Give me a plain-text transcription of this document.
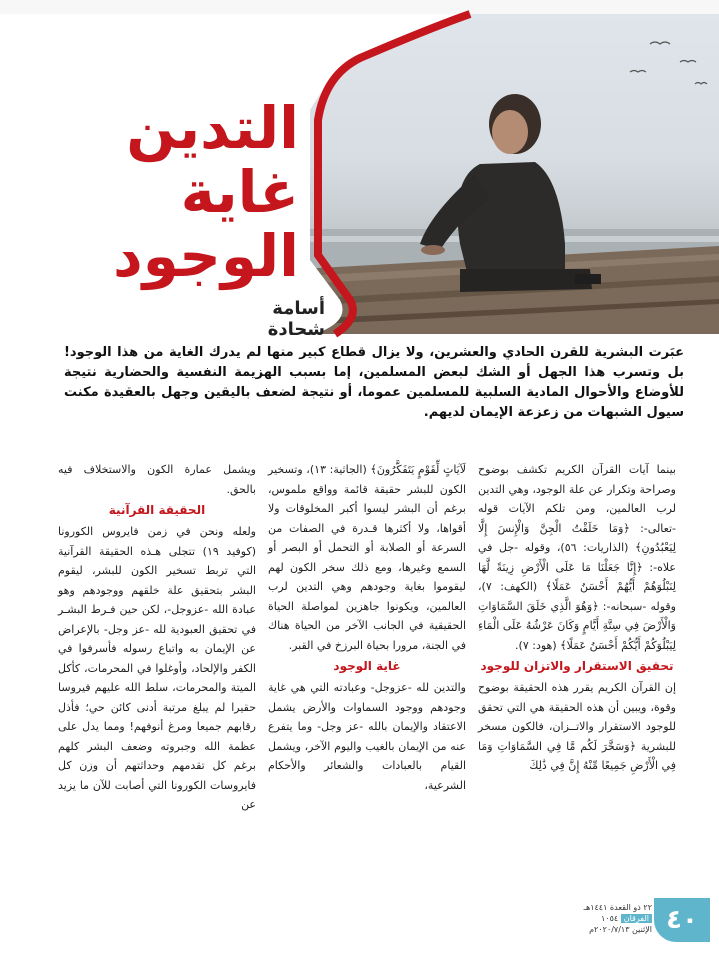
التدين
غاية
الوجود
أسامة شحادة

عبَرت البشرية للقرن الحادي والعشرين، ولا يزال قطاع كبير منها لم يدرك الغاية من هذا الوجود! بل وتسرب هذا الجهل أو الشك لبعض المسلمين، إما بسبب الهزيمة النفسية والحضارية نتيجة للأوضاع والأحوال المادية السلبية للمسلمين عموما، أو نتيجة لضعف باليقين وجهل بالعقيدة مكنت سيول الشبهات من زعزعة الإيمان لديهم.

بينما آيات القرآن الكريم تكشف بوضوح وصراحة وتكرار عن علة الوجود، وهي التدين لرب العالمين، ومن تلكم الآيات قوله -تعالى-: ﴿وَمَا خَلَقْتُ الْجِنَّ وَالْإِنسَ إِلَّا لِيَعْبُدُونِ﴾ (الذاريات: ٥٦)، وقوله -جل في علاه-: ﴿إِنَّا جَعَلْنَا مَا عَلَى الْأَرْضِ زِينَةً لَّهَا لِنَبْلُوَهُمْ أَيُّهُمْ أَحْسَنُ عَمَلًا﴾ (الكهف: ٧)، وقوله -سبحانه-: ﴿وَهُوَ الَّذِي خَلَقَ السَّمَاوَاتِ وَالْأَرْضَ فِي سِتَّةِ أَيَّامٍ وَكَانَ عَرْشُهُ عَلَى الْمَاءِ لِيَبْلُوَكُمْ أَيُّكُمْ أَحْسَنُ عَمَلًا﴾ (هود: ٧).

تحقيق الاستقرار والاتزان للوجود

إن القرآن الكريم يقرر هذه الحقيقة بوضوح وقوة، ويبين أن هذه الحقيقة هي التي تحقق للوجود الاستقرار والاتــزان، فالكون مسخر للبشرية ﴿وَسَخَّرَ لَكُم مَّا فِي السَّمَاوَاتِ وَمَا فِي الْأَرْضِ جَمِيعًا مِّنْهُ إِنَّ فِي ذَٰلِكَ

لَآيَاتٍ لِّقَوْمٍ يَتَفَكَّرُونَ﴾ (الجاثية: ١٣)، وتسخير الكون للبشر حقيقة قائمة وواقع ملموس، برغم أن البشر ليسوا أكبر المخلوقات ولا أقواها، ولا أكثرها قـدرة في الصفات من السرعة أو الصلابة أو التحمل أو البصر أو السمع وغيرها، ومع ذلك سخر الكون لهم ليقوموا بغاية وجودهم وهي التدين لرب العالمين، ويكونوا جاهزين لمواصلة الحياة الحقيقية في الجانب الآخر من الحياة هناك في الجنة، مرورا بحياة البرزخ في القبر.

غاية الوجود

والتدين لله -عزوجل- وعبادته التي هي غاية وجودهم ووجود السماوات والأرض يشمل الاعتقاد والإيمان بالله -عز وجل- وما يتفرع عنه من الإيمان بالغيب واليوم الآخر، ويشمل القيام بالعبادات والشعائر والأحكام الشرعية،

ويشمل عمارة الكون والاستخلاف فيه بالحق.

الحقيقة القرآنية

ولعله ونحن في زمن فايروس الكورونا (كوفيد ١٩) تتجلى هـذه الحقيقة القرآنية التي تربط تسخير الكون للبشر، ليقوم البشر بتحقيق علة خلقهم ووجودهم وهو عبادة الله -عزوجل-، لكن حين فـرط البشـر في تحقيق العبودية لله -عز وجل- بالإعراض عن الإيمان به واتباع رسوله فأسرفوا في الكفر والإلحاد، وأوغلوا في المحرمات، كأكل الميتة والمحرمات، سلط الله عليهم فيروسا حقيرا لم يبلغ مرتبة أدنى كائن حي؛ فأذل رقابهم جميعا ومرغ أنوفهم! ومما يدل على عظمة الله وجبروته وضعف البشر كلهم برغم كل تقدمهم وحداثتهم أن وزن كل فايروسات الكورونا التي أصابت للآن ما يزيد عن

٢٢ ذو القعدة ١٤٤١هـ
الفرقان ١٠٥٤
الإثنين ٢٠٢٠/٧/١٣م ٤٠
